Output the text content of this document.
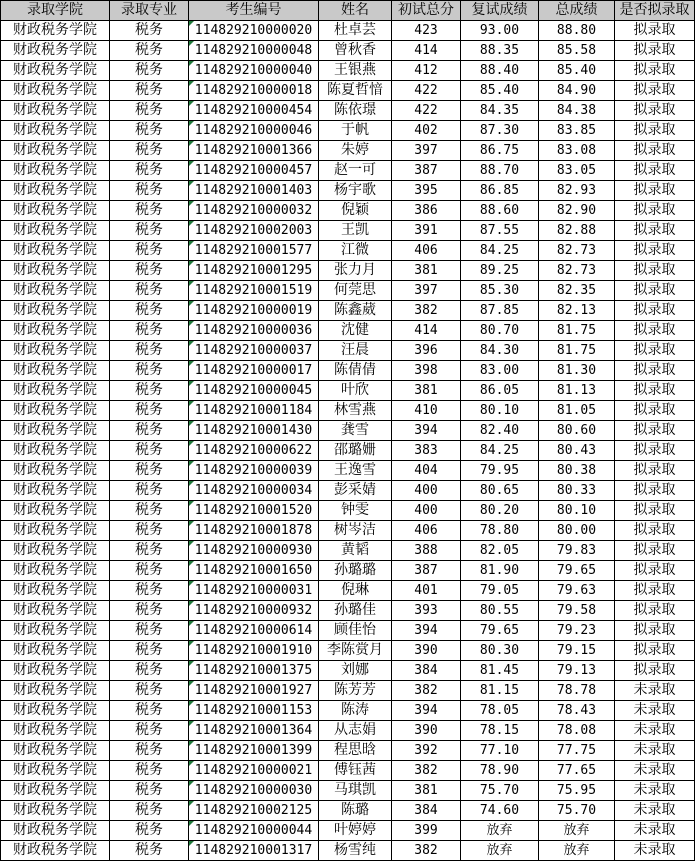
录取学院	录取专业	考生编号	姓名	初试总分	复试成绩	总成绩	是否拟录取
财政税务学院	税务	114829210000020	杜卓芸	423	93.00	88.80	拟录取
财政税务学院	税务	114829210000048	曾秋香	414	88.35	85.58	拟录取
财政税务学院	税务	114829210000040	王银燕	412	88.40	85.40	拟录取
财政税务学院	税务	114829210000018	陈夏哲愔	422	85.40	84.90	拟录取
财政税务学院	税务	114829210000454	陈依璟	422	84.35	84.38	拟录取
财政税务学院	税务	114829210000046	于帆	402	87.30	83.85	拟录取
财政税务学院	税务	114829210001366	朱婷	397	86.75	83.08	拟录取
财政税务学院	税务	114829210000457	赵一可	387	88.70	83.05	拟录取
财政税务学院	税务	114829210001403	杨宇歌	395	86.85	82.93	拟录取
财政税务学院	税务	114829210000032	倪颖	386	88.60	82.90	拟录取
财政税务学院	税务	114829210002003	王凯	391	87.55	82.88	拟录取
财政税务学院	税务	114829210001577	江微	406	84.25	82.73	拟录取
财政税务学院	税务	114829210001295	张力月	381	89.25	82.73	拟录取
财政税务学院	税务	114829210001519	何莞思	397	85.30	82.35	拟录取
财政税务学院	税务	114829210000019	陈鑫葳	382	87.85	82.13	拟录取
财政税务学院	税务	114829210000036	沈健	414	80.70	81.75	拟录取
财政税务学院	税务	114829210000037	汪晨	396	84.30	81.75	拟录取
财政税务学院	税务	114829210000017	陈倩倩	398	83.00	81.30	拟录取
财政税务学院	税务	114829210000045	叶欣	381	86.05	81.13	拟录取
财政税务学院	税务	114829210001184	林雪燕	410	80.10	81.05	拟录取
财政税务学院	税务	114829210001430	龚雪	394	82.40	80.60	拟录取
财政税务学院	税务	114829210000622	邵璐姗	383	84.25	80.43	拟录取
财政税务学院	税务	114829210000039	王逸雪	404	79.95	80.38	拟录取
财政税务学院	税务	114829210000034	彭采婧	400	80.65	80.33	拟录取
财政税务学院	税务	114829210001520	钟雯	400	80.20	80.10	拟录取
财政税务学院	税务	114829210001878	树岑洁	406	78.80	80.00	拟录取
财政税务学院	税务	114829210000930	黄韬	388	82.05	79.83	拟录取
财政税务学院	税务	114829210001650	孙璐璐	387	81.90	79.65	拟录取
财政税务学院	税务	114829210000031	倪琳	401	79.05	79.63	拟录取
财政税务学院	税务	114829210000932	孙璐佳	393	80.55	79.58	拟录取
财政税务学院	税务	114829210000614	顾佳怡	394	79.65	79.23	拟录取
财政税务学院	税务	114829210001910	李陈赏月	390	80.30	79.15	拟录取
财政税务学院	税务	114829210001375	刘娜	384	81.45	79.13	拟录取
财政税务学院	税务	114829210001927	陈芳芳	382	81.15	78.78	未录取
财政税务学院	税务	114829210001153	陈涛	394	78.05	78.43	未录取
财政税务学院	税务	114829210001364	从志娟	390	78.15	78.08	未录取
财政税务学院	税务	114829210001399	程思晗	392	77.10	77.75	未录取
财政税务学院	税务	114829210000021	傅钰茜	382	78.90	77.65	未录取
财政税务学院	税务	114829210000030	马琪凯	381	75.70	75.95	未录取
财政税务学院	税务	114829210002125	陈璐	384	74.60	75.70	未录取
财政税务学院	税务	114829210000044	叶婷婷	399	放弃	放弃	未录取
财政税务学院	税务	114829210001317	杨雪纯	382	放弃	放弃	未录取
